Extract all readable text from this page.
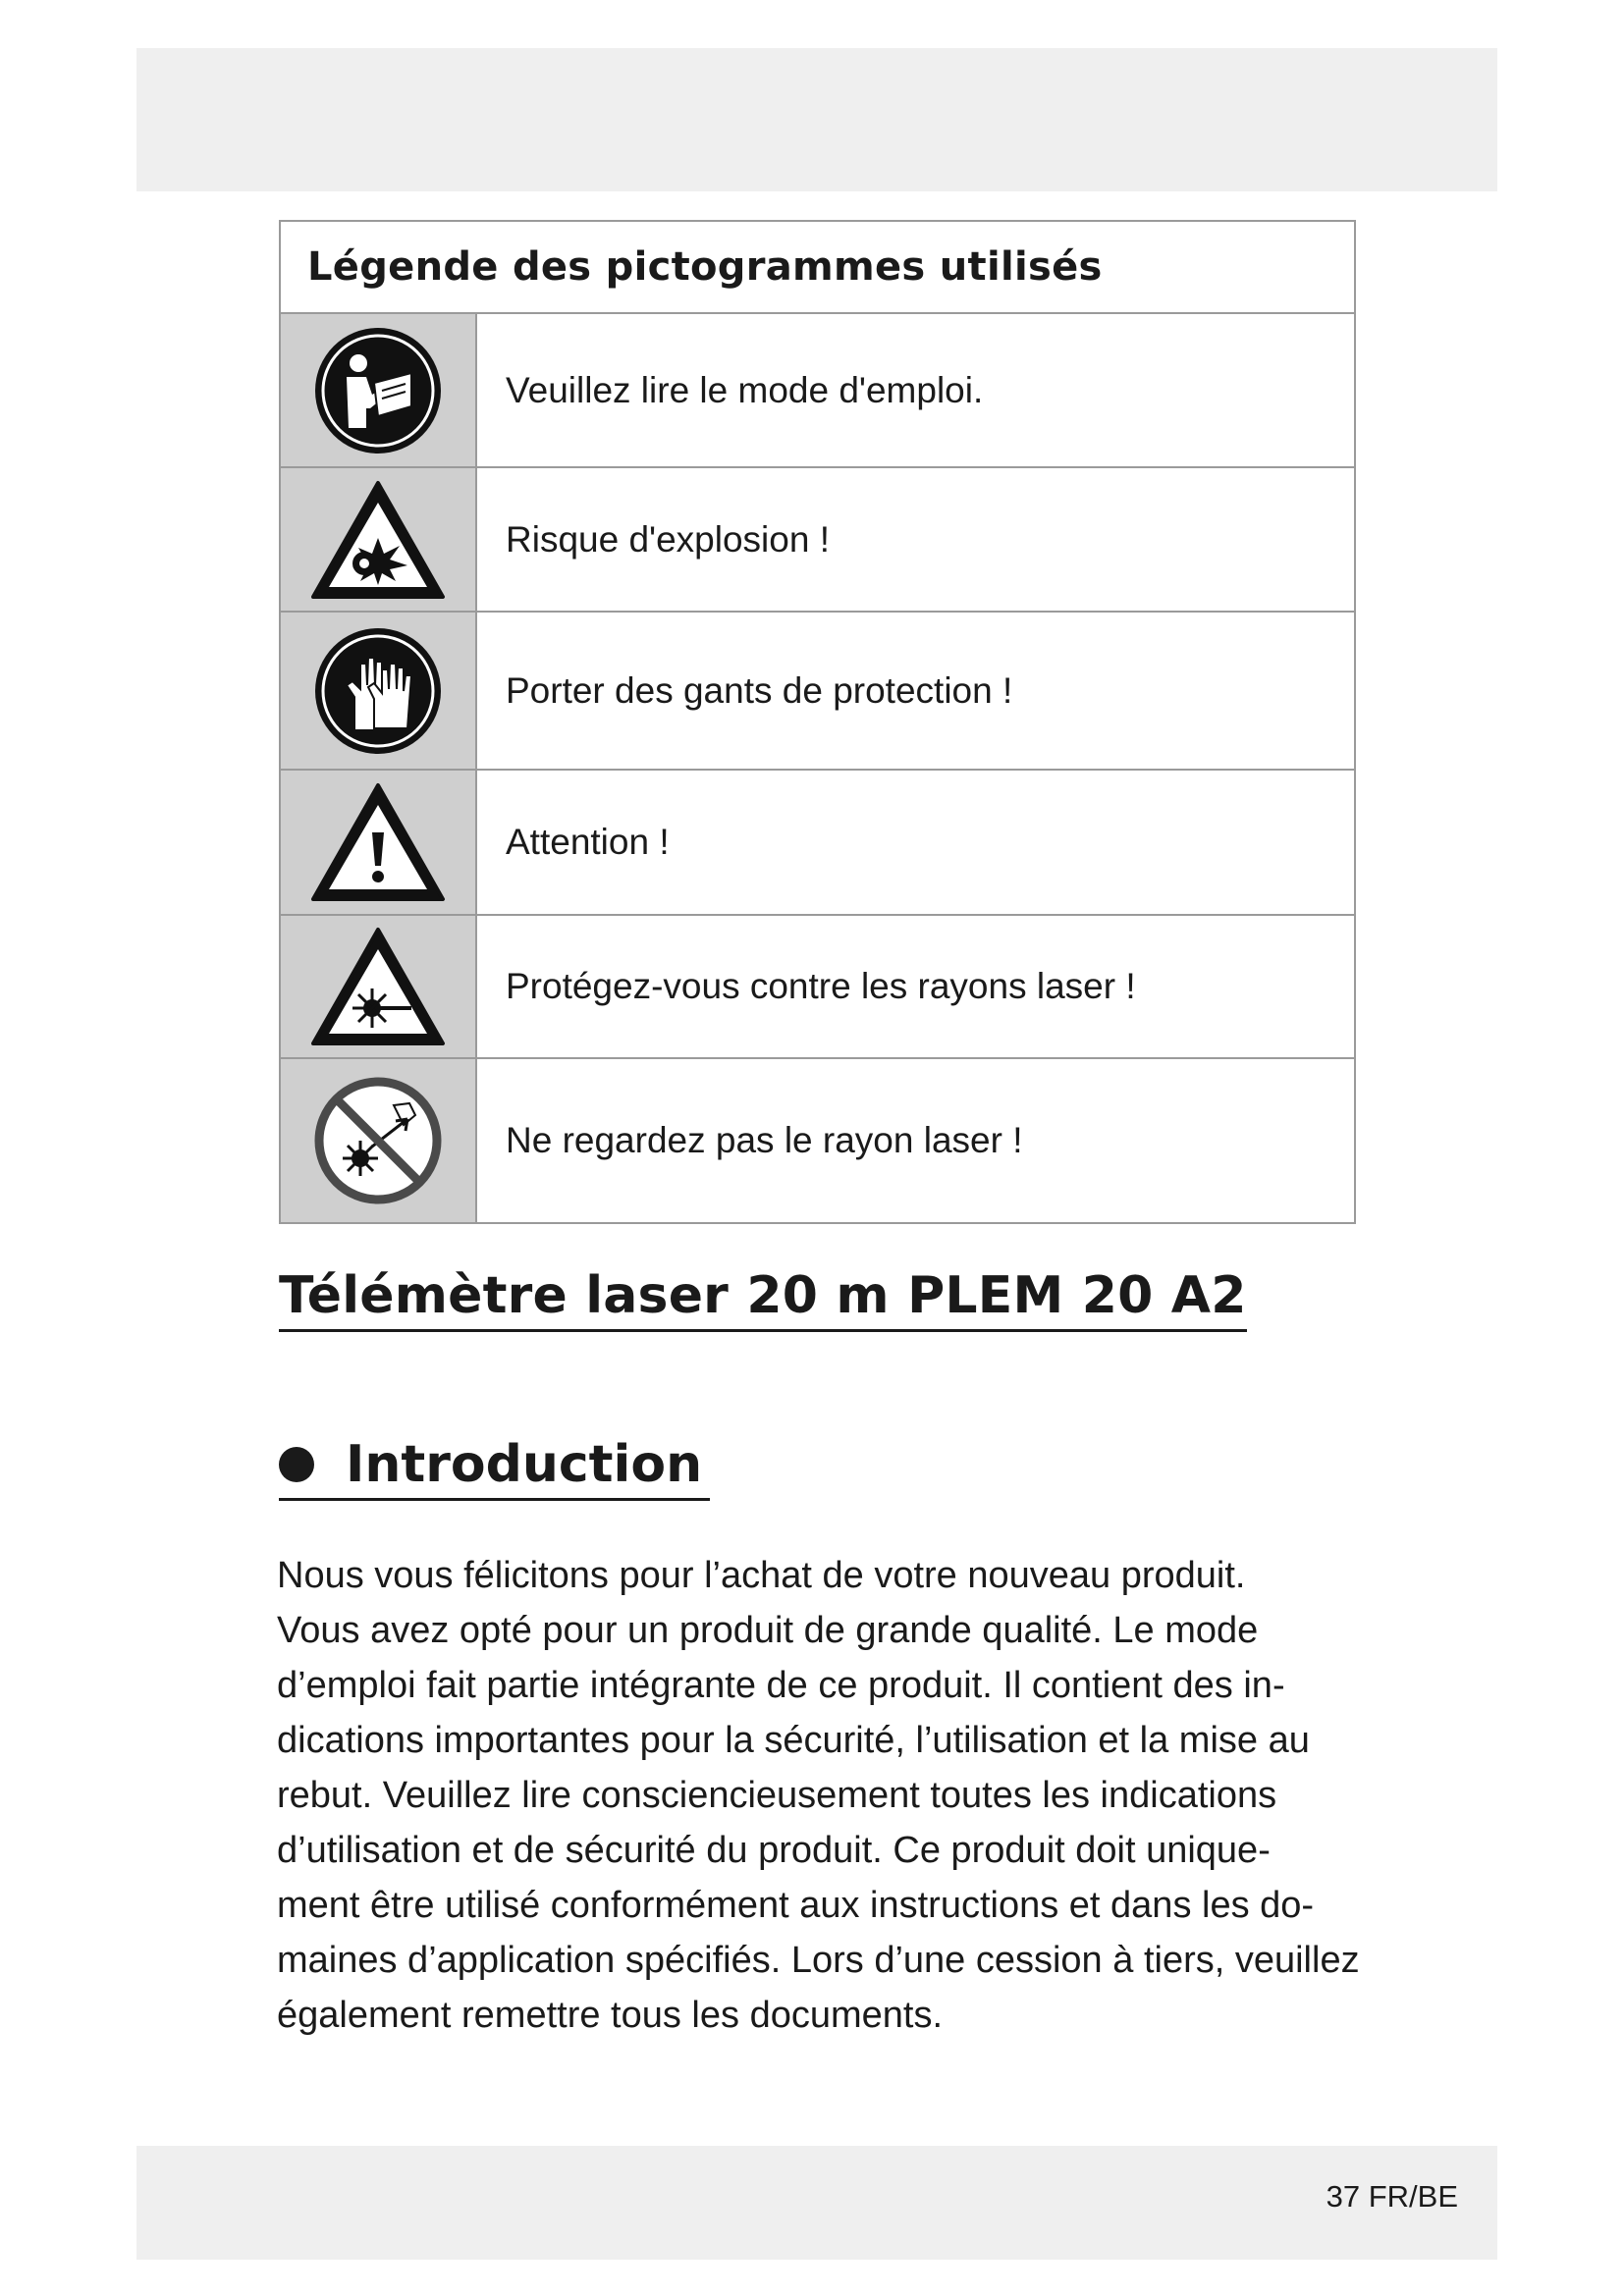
Légende des pictogrammes utilisés
Veuillez lire le mode d'emploi.
Risque d'explosion !
Porter des gants de protection !
Attention !
Protégez-vous contre les rayons laser !
Ne regardez pas le rayon laser !
Télémètre laser 20 m PLEM 20 A2
Introduction

Nous vous félicitons pour l’achat de votre nouveau produit.
Vous avez opté pour un produit de grande qualité. Le mode
d’emploi fait partie intégrante de ce produit. Il contient des in-
dications importantes pour la sécurité, l’utilisation et la mise au
rebut. Veuillez lire consciencieusement toutes les indications
d’utilisation et de sécurité du produit. Ce produit doit unique-
ment être utilisé conformément aux instructions et dans les do-
maines d’application spécifiés. Lors d’une cession à tiers, veuillez
également remettre tous les documents.

37 FR/BE
